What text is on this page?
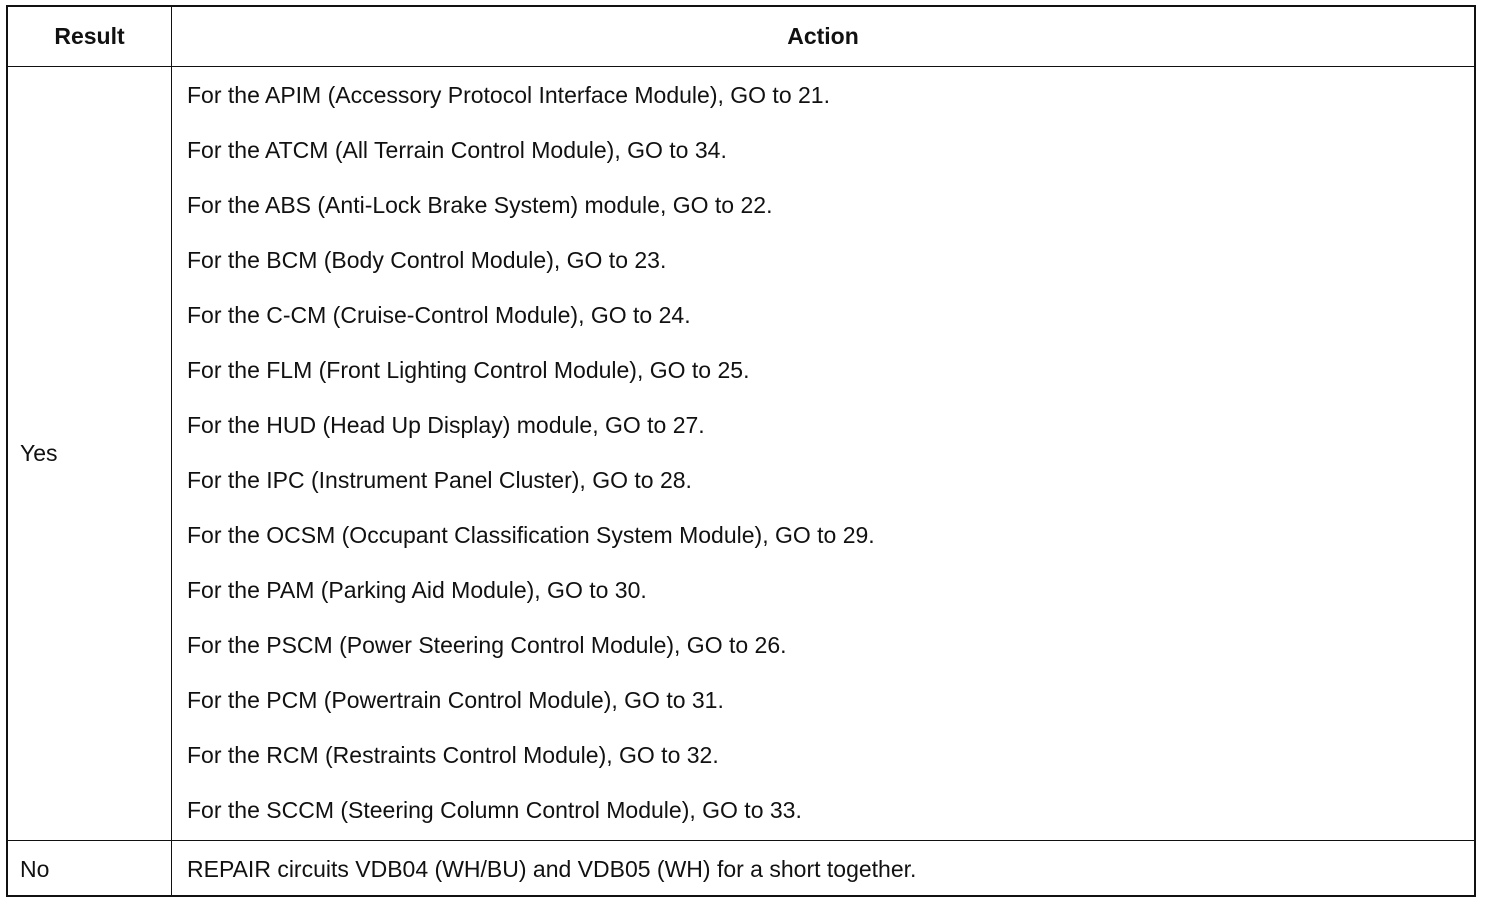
Result	Action
Yes
For the APIM (Accessory Protocol Interface Module), GO to 21.
For the ATCM (All Terrain Control Module), GO to 34.
For the ABS (Anti-Lock Brake System) module, GO to 22.
For the BCM (Body Control Module), GO to 23.
For the C-CM (Cruise-Control Module), GO to 24.
For the FLM (Front Lighting Control Module), GO to 25.
For the HUD (Head Up Display) module, GO to 27.
For the IPC (Instrument Panel Cluster), GO to 28.
For the OCSM (Occupant Classification System Module), GO to 29.
For the PAM (Parking Aid Module), GO to 30.
For the PSCM (Power Steering Control Module), GO to 26.
For the PCM (Powertrain Control Module), GO to 31.
For the RCM (Restraints Control Module), GO to 32.
For the SCCM (Steering Column Control Module), GO to 33.
No	REPAIR circuits VDB04 (WH/BU) and VDB05 (WH) for a short together.
